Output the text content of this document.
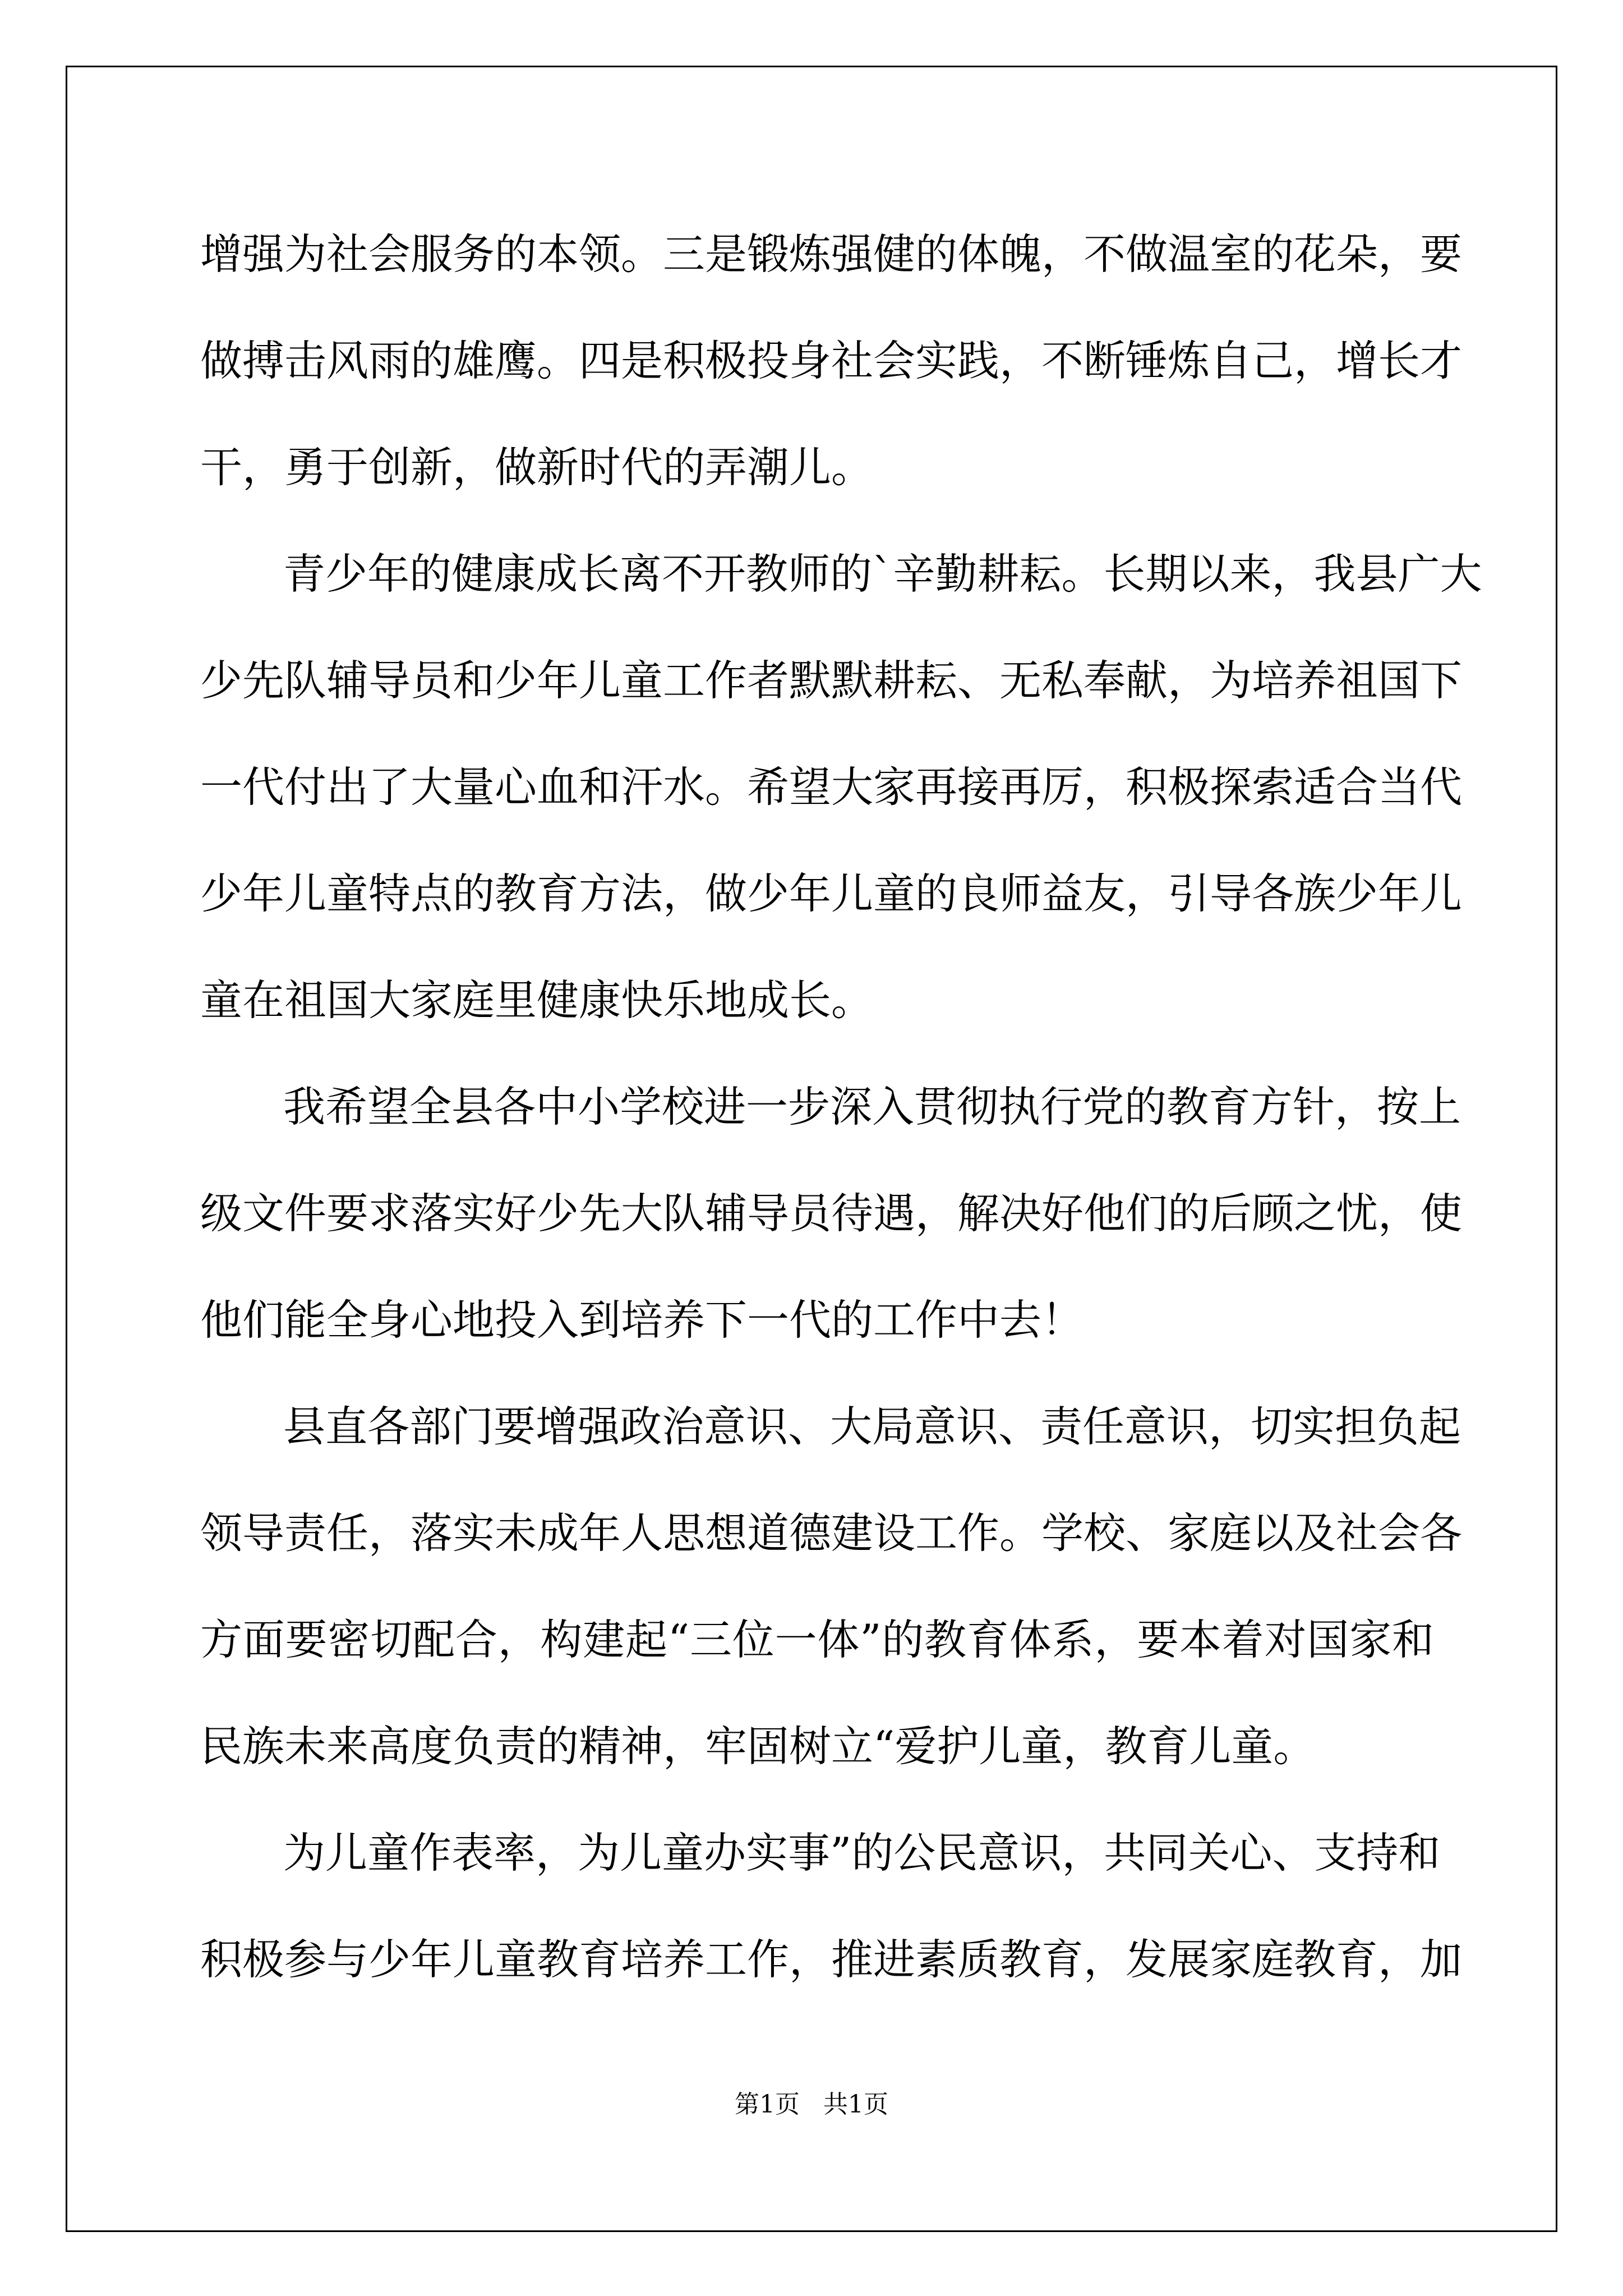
增强为社会服务的本领。三是锻炼强健的体魄，不做温室的花朵，要
做搏击风雨的雄鹰。四是积极投身社会实践，不断锤炼自己，增长才
干，勇于创新，做新时代的弄潮儿。

青少年的健康成长离不开教师的`辛勤耕耘。长期以来，我县广大
少先队辅导员和少年儿童工作者默默耕耘、无私奉献，为培养祖国下
一代付出了大量心血和汗水。希望大家再接再厉，积极探索适合当代
少年儿童特点的教育方法，做少年儿童的良师益友，引导各族少年儿
童在祖国大家庭里健康快乐地成长。

我希望全县各中小学校进一步深入贯彻执行党的教育方针，按上
级文件要求落实好少先大队辅导员待遇，解决好他们的后顾之忧，使
他们能全身心地投入到培养下一代的工作中去！

县直各部门要增强政治意识、大局意识、责任意识，切实担负起
领导责任，落实未成年人思想道德建设工作。学校、家庭以及社会各
方面要密切配合，构建起“三位一体”的教育体系，要本着对国家和
民族未来高度负责的精神，牢固树立“爱护儿童，教育儿童。

为儿童作表率，为儿童办实事”的公民意识，共同关心、支持和
积极参与少年儿童教育培养工作，推进素质教育，发展家庭教育，加

第1页   共1页
